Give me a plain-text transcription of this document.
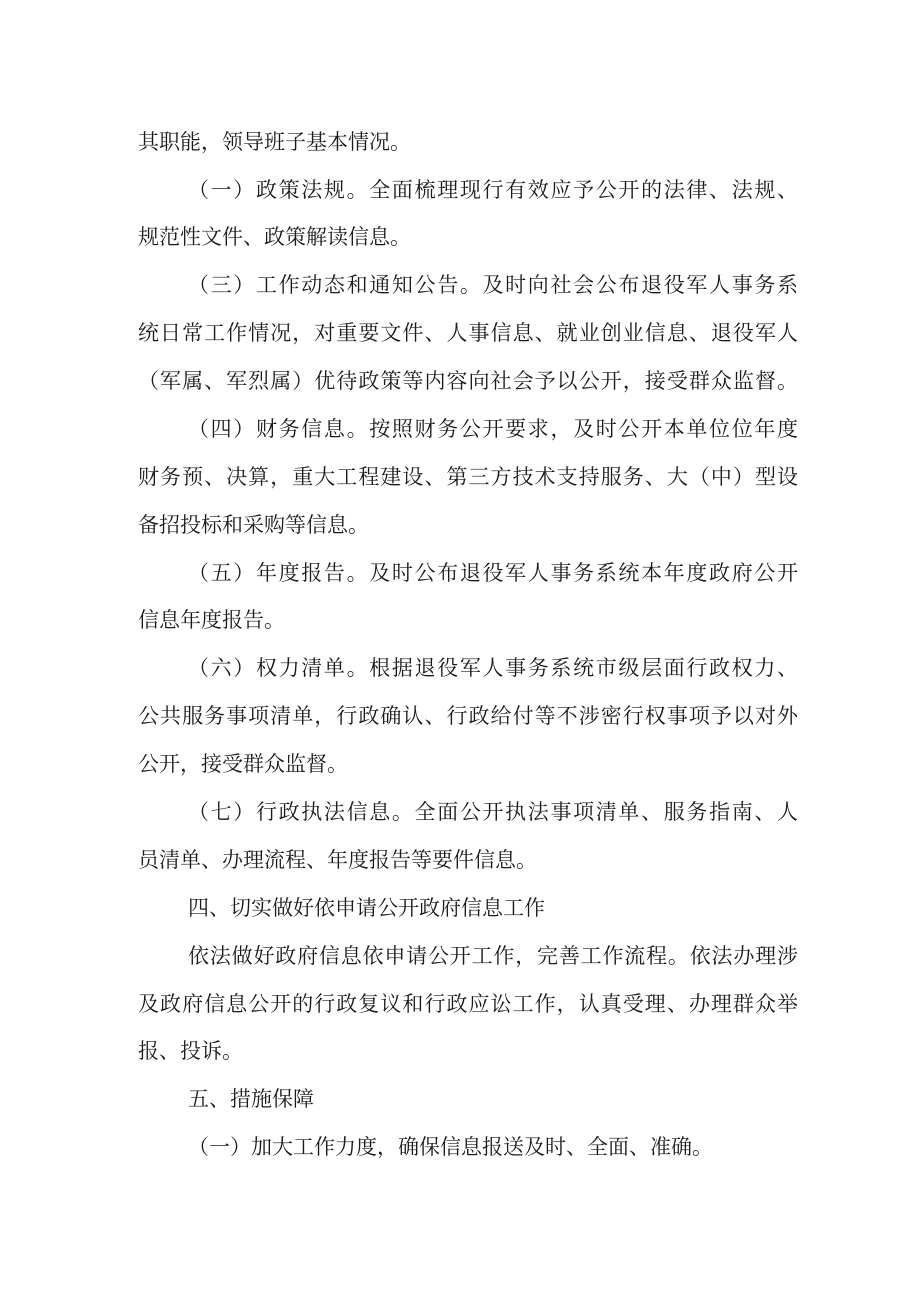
其职能，领导班子基本情况。
（一）政策法规。全面梳理现行有效应予公开的法律、法规、
规范性文件、政策解读信息。
（三）工作动态和通知公告。及时向社会公布退役军人事务系
统日常工作情况，对重要文件、人事信息、就业创业信息、退役军人
（军属、军烈属）优待政策等内容向社会予以公开，接受群众监督。
（四）财务信息。按照财务公开要求，及时公开本单位位年度
财务预、决算，重大工程建设、第三方技术支持服务、大（中）型设
备招投标和采购等信息。
（五）年度报告。及时公布退役军人事务系统本年度政府公开
信息年度报告。
（六）权力清单。根据退役军人事务系统市级层面行政权力、
公共服务事项清单，行政确认、行政给付等不涉密行权事项予以对外
公开，接受群众监督。
（七）行政执法信息。全面公开执法事项清单、服务指南、人
员清单、办理流程、年度报告等要件信息。
四、切实做好依申请公开政府信息工作
依法做好政府信息依申请公开工作，完善工作流程。依法办理涉
及政府信息公开的行政复议和行政应讼工作，认真受理、办理群众举
报、投诉。
五、措施保障
（一）加大工作力度，确保信息报送及时、全面、准确。
